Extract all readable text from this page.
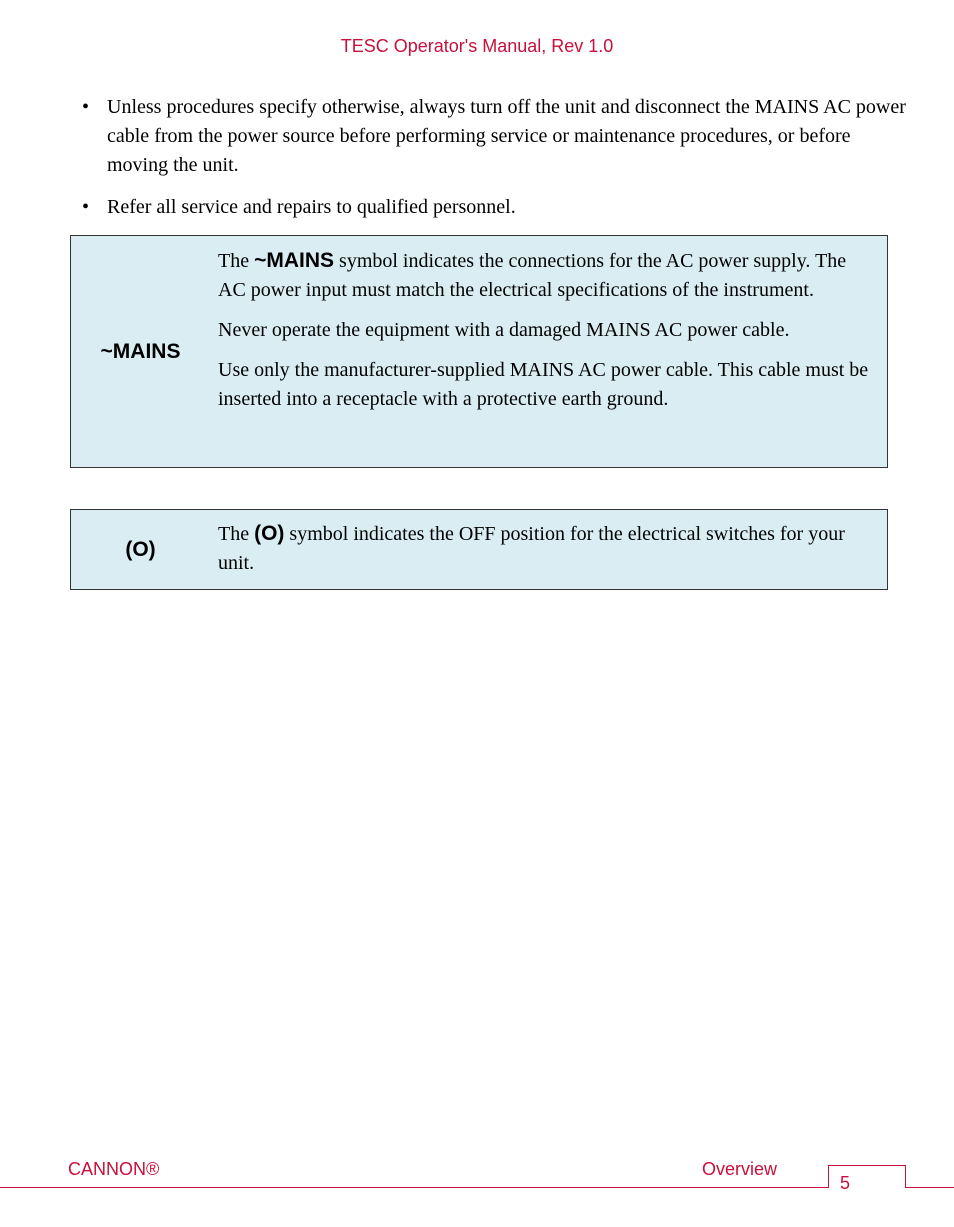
TESC Operator's Manual, Rev 1.0
• Unless procedures specify otherwise, always turn off the unit and disconnect the MAINS AC power cable from the power source before performing service or maintenance procedures, or before moving the unit.
• Refer all service and repairs to qualified personnel.
~MAINS

The ~MAINS symbol indicates the connections for the AC power supply. The AC power input must match the electrical specifications of the instrument.

Never operate the equipment with a damaged MAINS AC power cable.

Use only the manufacturer-supplied MAINS AC power cable. This cable must be inserted into a receptacle with a protective earth ground.

(O)

The (O) symbol indicates the OFF position for the electrical switches for your unit.

CANNON®	Overview
5
